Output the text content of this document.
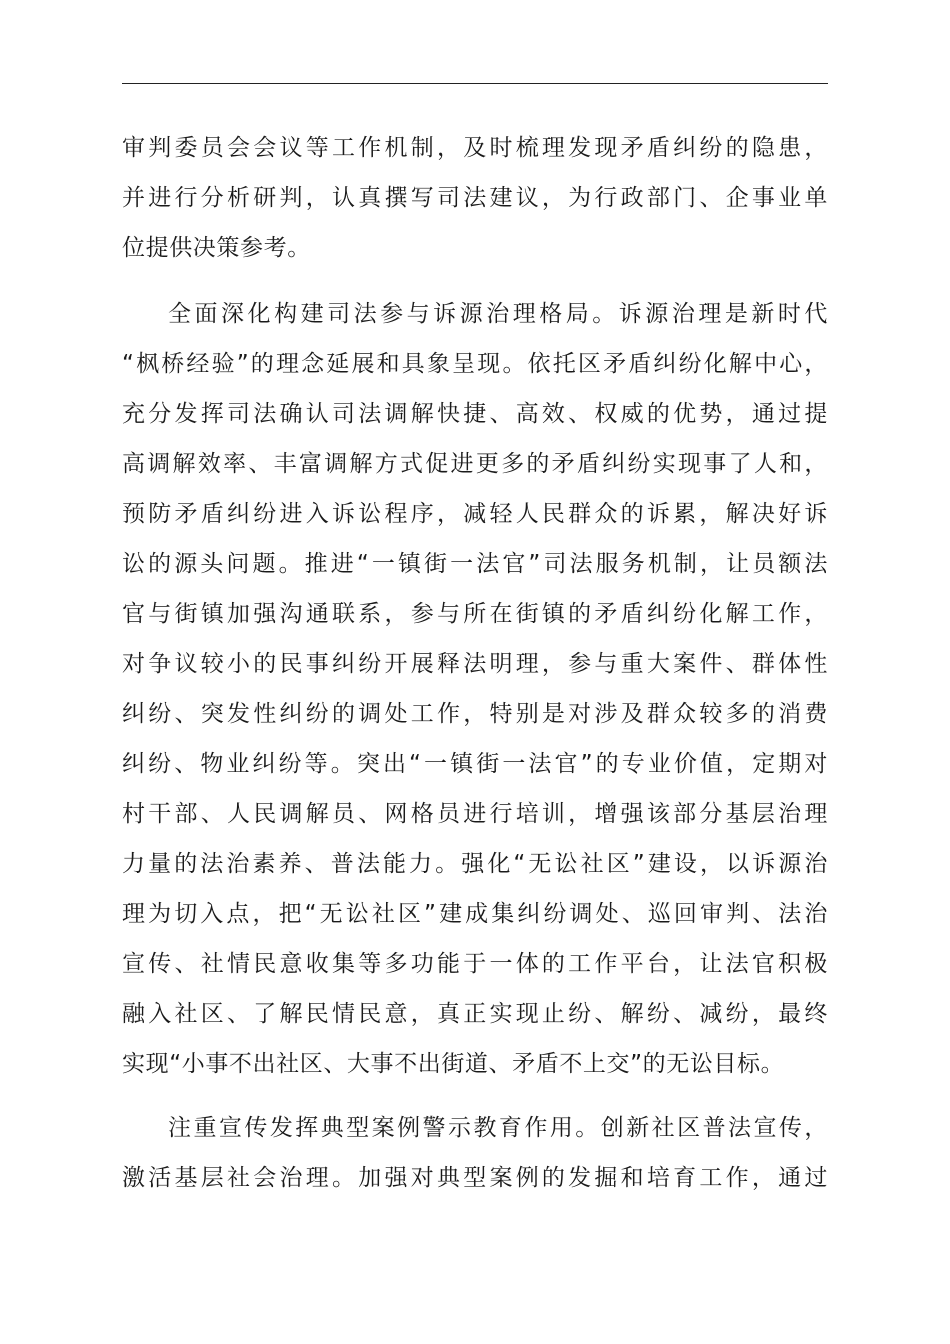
审判委员会会议等工作机制，及时梳理发现矛盾纠纷的隐患，
并进行分析研判，认真撰写司法建议，为行政部门、企事业单
位提供决策参考。
全面深化构建司法参与诉源治理格局。诉源治理是新时代
“枫桥经验”的理念延展和具象呈现。依托区矛盾纠纷化解中心，
充分发挥司法确认司法调解快捷、高效、权威的优势，通过提
高调解效率、丰富调解方式促进更多的矛盾纠纷实现事了人和，
预防矛盾纠纷进入诉讼程序，减轻人民群众的诉累，解决好诉
讼的源头问题。推进“一镇街一法官”司法服务机制，让员额法
官与街镇加强沟通联系，参与所在街镇的矛盾纠纷化解工作，
对争议较小的民事纠纷开展释法明理，参与重大案件、群体性
纠纷、突发性纠纷的调处工作，特别是对涉及群众较多的消费
纠纷、物业纠纷等。突出“一镇街一法官”的专业价值，定期对
村干部、人民调解员、网格员进行培训，增强该部分基层治理
力量的法治素养、普法能力。强化“无讼社区”建设，以诉源治
理为切入点，把“无讼社区”建成集纠纷调处、巡回审判、法治
宣传、社情民意收集等多功能于一体的工作平台，让法官积极
融入社区、了解民情民意，真正实现止纷、解纷、减纷，最终
实现“小事不出社区、大事不出街道、矛盾不上交”的无讼目标。
注重宣传发挥典型案例警示教育作用。创新社区普法宣传，
激活基层社会治理。加强对典型案例的发掘和培育工作，通过
